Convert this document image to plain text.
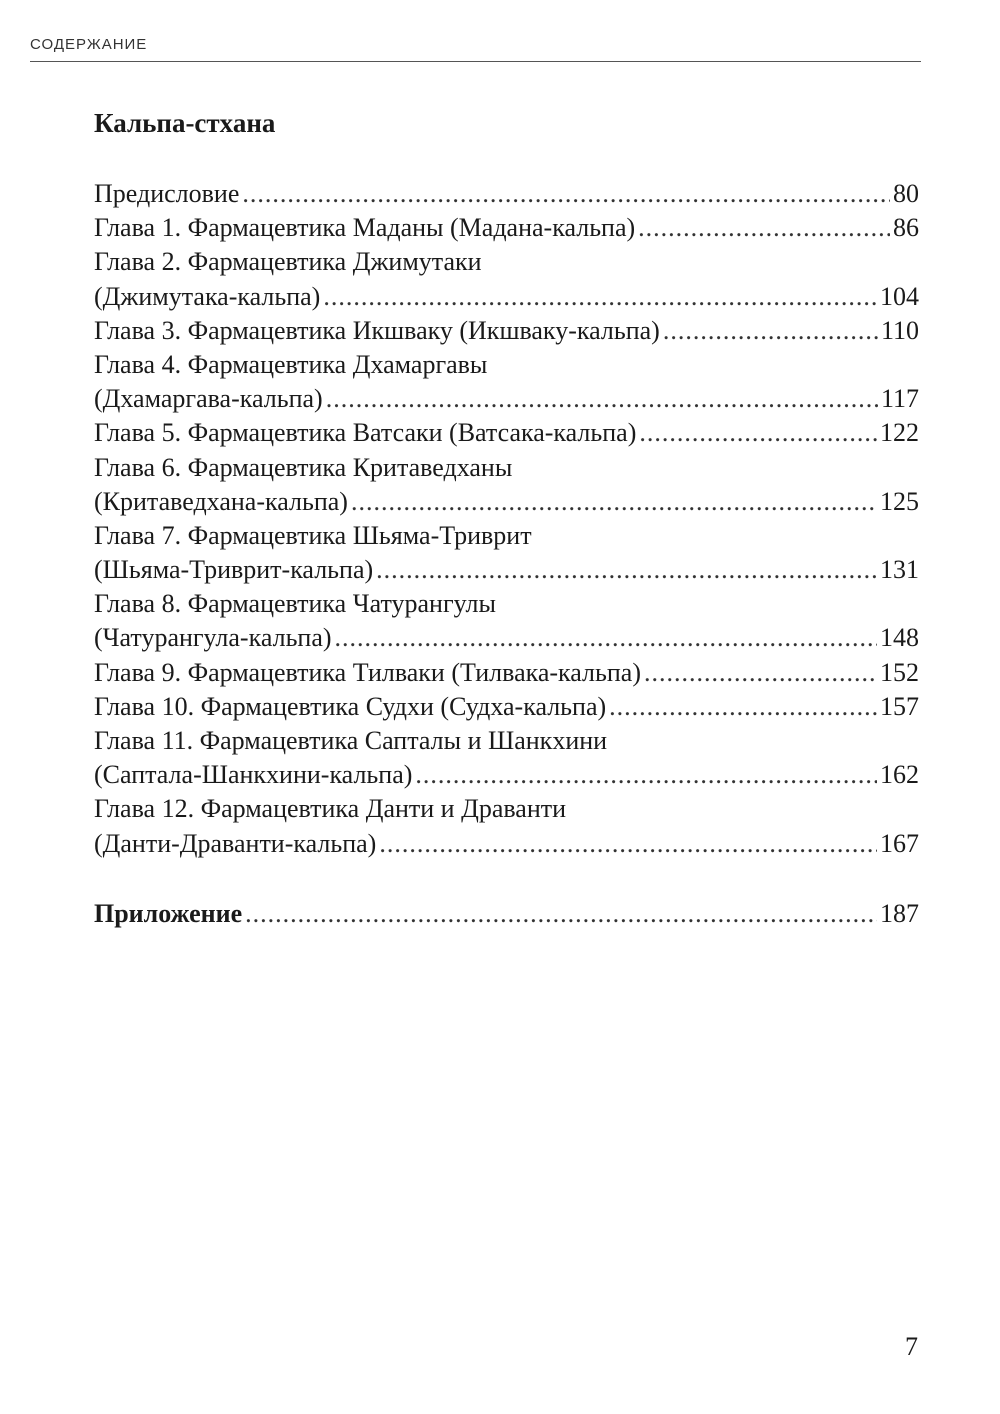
СОДЕРЖАНИЕ
Кальпа-стхана
Предисловие .....	80
Глава 1. Фармацевтика Маданы (Мадана-кальпа) .....	86
Глава 2. Фармацевтика Джимутаки
(Джимутака-кальпа) .....	104
Глава 3. Фармацевтика Икшваку (Икшваку-кальпа) .....	110
Глава 4. Фармацевтика Дхамаргавы
(Дхамаргава-кальпа) .....	117
Глава 5. Фармацевтика Ватсаки (Ватсака-кальпа) .....	122
Глава 6. Фармацевтика Критаведханы
(Критаведхана-кальпа) .....	125
Глава 7. Фармацевтика Шьяма-Триврит
(Шьяма-Триврит-кальпа) .....	131
Глава 8. Фармацевтика Чатурангулы
(Чатурангула-кальпа) .....	148
Глава 9. Фармацевтика Тилваки (Тилвака-кальпа) .....	152
Глава 10. Фармацевтика Судхи (Судха-кальпа) .....	157
Глава 11. Фармацевтика Сапталы и Шанкхини
(Саптала-Шанкхини-кальпа) .....	162
Глава 12. Фармацевтика Данти и Драванти
(Данти-Драванти-кальпа) .....	167
Приложение .....	187
7
